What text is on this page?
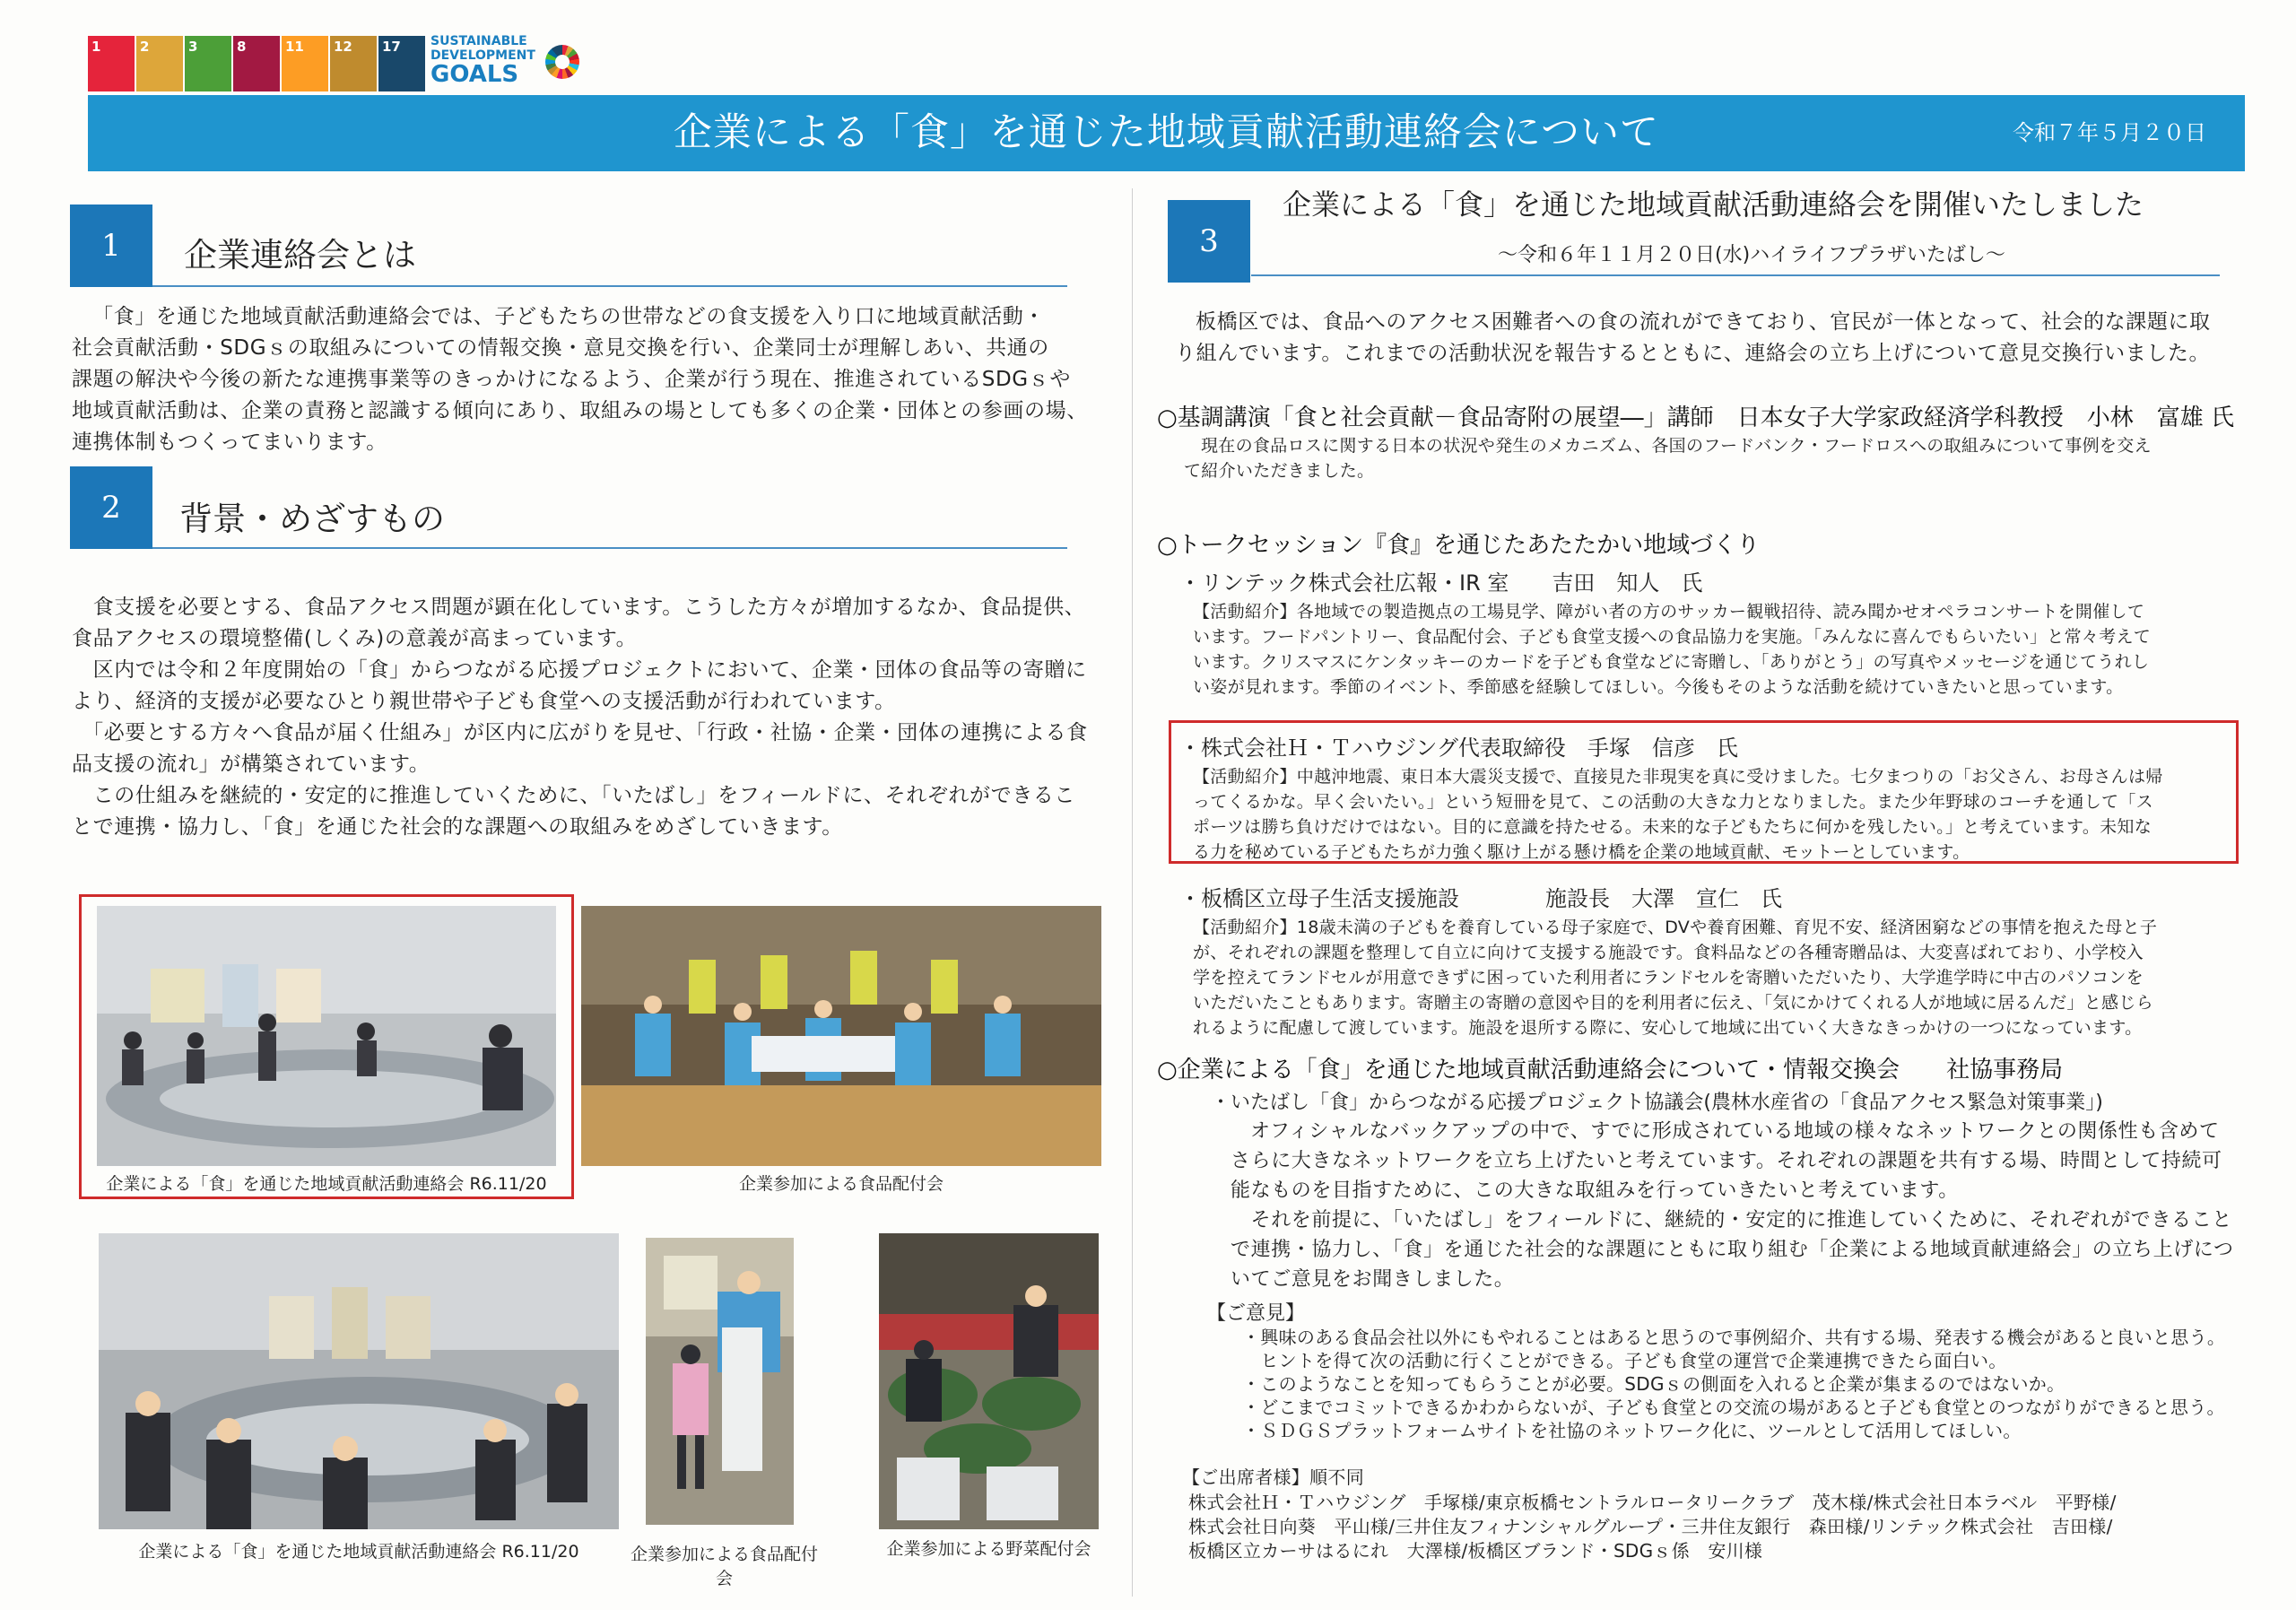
1	2	3	8	11	12	17	SUSTAINABLE
DEVELOPMENT
GOALS
企業による「食」を通じた地域貢献活動連絡会について	令和７年５月２０日
1	企業連絡会とは

「食」を通じた地域貢献活動連絡会では、子どもたちの世帯などの食支援を入り口に地域貢献活動・

社会貢献活動・SDGｓの取組みについての情報交換・意見交換を行い、企業同士が理解しあい、共通の

課題の解決や今後の新たな連携事業等のきっかけになるよう、企業が行う現在、推進されているSDGｓや

地域貢献活動は、企業の責務と認識する傾向にあり、取組みの場としても多くの企業・団体との参画の場、

連携体制もつくってまいります。

2	背景・めざすもの

　食支援を必要とする、食品アクセス問題が顕在化しています。こうした方々が増加するなか、食品提供、

食品アクセスの環境整備(しくみ)の意義が高まっています。

　区内では令和２年度開始の「食」からつながる応援プロジェクトにおいて、企業・団体の食品等の寄贈に

より、経済的支援が必要なひとり親世帯や子ども食堂への支援活動が行われています。

　「必要とする方々へ食品が届く仕組み」が区内に広がりを見せ、「行政・社協・企業・団体の連携による食

品支援の流れ」が構築されています。

　この仕組みを継続的・安定的に推進していくために、「いたばし」をフィールドに、それぞれができるこ

とで連携・協力し、「食」を通じた社会的な課題への取組みをめざしていきます。

企業による「食」を通じた地域貢献活動連絡会 R6.11/20	企業参加による食品配付会
企業による「食」を通じた地域貢献活動連絡会 R6.11/20	企業参加による食品配付会
企業参加による野菜配付会
3
企業による「食」を通じた地域貢献活動連絡会を開催いたしました
～令和６年１１月２０日(水)ハイライフプラザいたばし～

板橋区では、食品へのアクセス困難者への食の流れができており、官民が一体となって、社会的な課題に取

り組んでいます。これまでの活動状況を報告するとともに、連絡会の立ち上げについて意見交換行いました。

○基調講演「食と社会貢献－食品寄附の展望―」講師　日本女子大学家政経済学科教授　小林　富雄 氏
現在の食品ロスに関する日本の状況や発生のメカニズム、各国のフードバンク・フードロスへの取組みについて事例を交え
て紹介いただきました。
○トークセッション『食』を通じたあたたかい地域づくり
・リンテック株式会社広報・IR 室　　吉田　知人　氏
【活動紹介】各地域での製造拠点の工場見学、障がい者の方のサッカー観戦招待、読み聞かせオペラコンサートを開催して
います。フードパントリー、食品配付会、子ども食堂支援への食品協力を実施。「みんなに喜んでもらいたい」と常々考えて
います。クリスマスにケンタッキーのカードを子ども食堂などに寄贈し、「ありがとう」の写真やメッセージを通じてうれし
い姿が見れます。季節のイベント、季節感を経験してほしい。今後もそのような活動を続けていきたいと思っています。
・株式会社Ｈ・Ｔハウジング代表取締役　手塚　信彦　氏
【活動紹介】中越沖地震、東日本大震災支援で、直接見た非現実を真に受けました。七夕まつりの「お父さん、お母さんは帰
ってくるかな。早く会いたい。」という短冊を見て、この活動の大きな力となりました。また少年野球のコーチを通して「ス
ポーツは勝ち負けだけではない。目的に意識を持たせる。未来的な子どもたちに何かを残したい。」と考えています。未知な
る力を秘めている子どもたちが力強く駆け上がる懸け橋を企業の地域貢献、モットーとしています。
・板橋区立母子生活支援施設　　　　施設長　大澤　宣仁　氏
【活動紹介】18歳未満の子どもを養育している母子家庭で、DVや養育困難、育児不安、経済困窮などの事情を抱えた母と子
が、それぞれの課題を整理して自立に向けて支援する施設です。食料品などの各種寄贈品は、大変喜ばれており、小学校入
学を控えてランドセルが用意できずに困っていた利用者にランドセルを寄贈いただいたり、大学進学時に中古のパソコンを
いただいたこともあります。寄贈主の寄贈の意図や目的を利用者に伝え、「気にかけてくれる人が地域に居るんだ」と感じら
れるように配慮して渡しています。施設を退所する際に、安心して地域に出ていく大きなきっかけの一つになっています。
○企業による「食」を通じた地域貢献活動連絡会について・情報交換会　　社協事務局
・いたばし「食」からつながる応援プロジェクト協議会(農林水産省の「食品アクセス緊急対策事業」)

オフィシャルなバックアップの中で、すでに形成されている地域の様々なネットワークとの関係性も含めて

さらに大きなネットワークを立ち上げたいと考えています。それぞれの課題を共有する場、時間として持続可

能なものを目指すために、この大きな取組みを行っていきたいと考えています。

　それを前提に、「いたばし」をフィールドに、継続的・安定的に推進していくために、それぞれができること

で連携・協力し、「食」を通じた社会的な課題にともに取り組む「企業による地域貢献連絡会」の立ち上げにつ

いてご意見をお聞きしました。

【ご意見】
・興味のある食品会社以外にもやれることはあると思うので事例紹介、共有する場、発表する機会があると良いと思う。
　ヒントを得て次の活動に行くことができる。子ども食堂の運営で企業連携できたら面白い。
・このようなことを知ってもらうことが必要。SDGｓの側面を入れると企業が集まるのではないか。
・どこまでコミットできるかわからないが、子ども食堂との交流の場があると子ども食堂とのつながりができると思う。
・ＳＤＧＳプラットフォームサイトを社協のネットワーク化に、ツールとして活用してほしい。
【ご出席者様】順不同
株式会社Ｈ・Ｔハウジング　手塚様/東京板橋セントラルロータリークラブ　茂木様/株式会社日本ラベル　平野様/
株式会社日向葵　平山様/三井住友フィナンシャルグループ・三井住友銀行　森田様/リンテック株式会社　吉田様/
板橋区立カーサはるにれ　大澤様/板橋区ブランド・SDGｓ係　安川様
